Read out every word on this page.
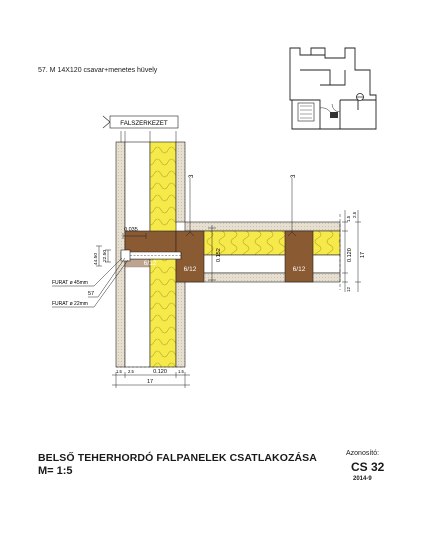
57. M 14X120 csavar+menetes hüvely
FALSZERKEZET
6/12
6/12	6/12
3	3
0.035
0.152
1.5
0.120 17
12
2.5
44.50 22.50
FURAT ø 45mm
57
FURAT ø 22mm
1.5 2.5	0.120	1.5
17
BELSŐ TEHERHORDÓ FALPANELEK CSATLAKOZÁSA
M= 1:5
Azonosító:
CS 32
2014-9
